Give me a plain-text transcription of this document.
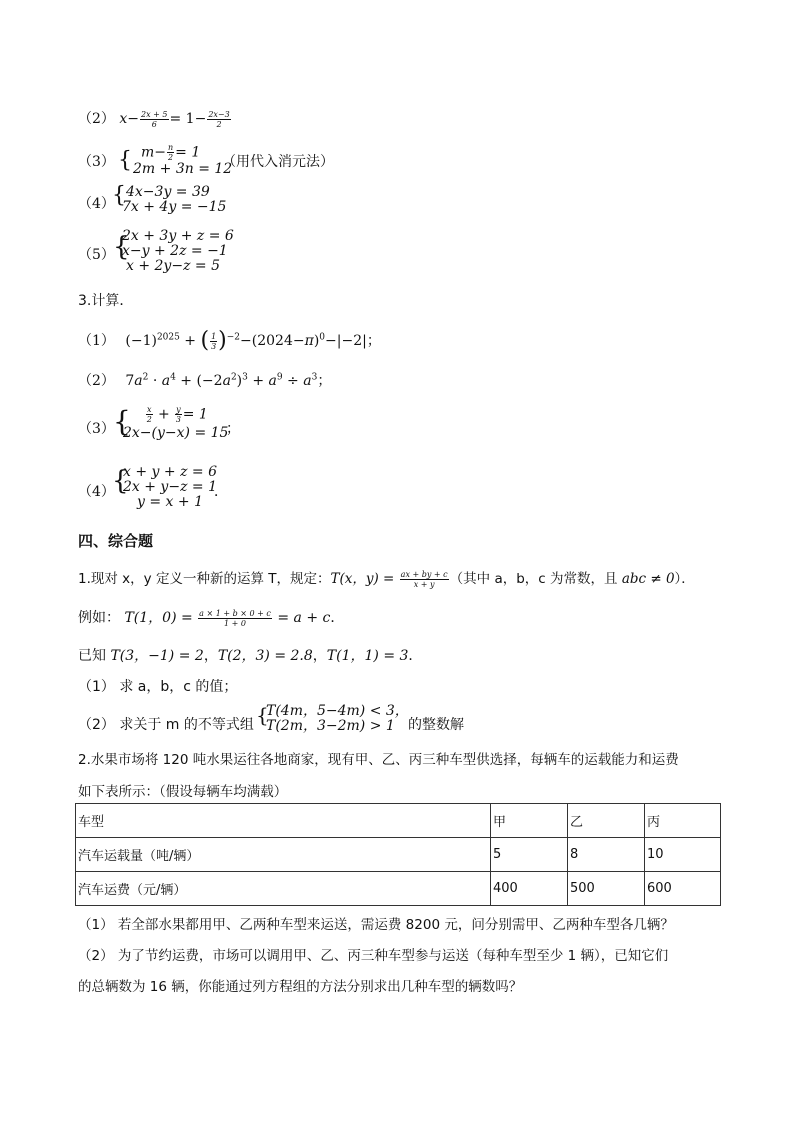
（2） $x- \frac{2x + 5}{6} = 1- \frac{2x-3}{2}$
（3） { $m- \frac{n}{2} = 1$
2m + 3n = 12
（用代入消元法）
（4）
{ 4x−3y = 39
7x + 4y = −15
（5）
{
2x + 3y + z = 6
x−y + 2z = −1
x + 2y−z = 5
3.计算．
（1） $(-1)^{2025}$ + ( $\frac{1}{3} )^{-2}-(2024-\pi)^0-|-2|$；
（2） $7a^2 \cdot a^4 + (-2a^2)^3 + a^9 \div a^3$；
（3）
{ $\frac{x}{2} + \frac{y}{3} = 1$
2x−(y−x) = 15
；
（4）
{
x + y + z = 6
2x + y−z = 1
y = x + 1
．
四、综合题
1.现对 x，y 定义一种新的运算 T，规定：T(x，$y) = \frac{ax + by + c}{x + y}$ （其中 a，b，c 为常数，且 abc ≠ 0）．
例如： T(1，$0) = \frac{a \times 1 + b \times 0 + c}{1 + 0} = a + c$．
已知 T(3，−1) = 2，T(2，3) = 2.8，T(1，1) = 3．
（1） 求 a，b，c 的值；
（2） 求关于 m 的不等式组 {
T(4m，5−4m) < 3，
T(2m，3−2m) > 1 的整数解
2.水果市场将 120 吨水果运往各地商家，现有甲、乙、丙三种车型供选择，每辆车的运载能力和运费
如下表所示：（假设每辆车均满载）
车型	甲	乙	丙
汽车运载量（吨/辆）	5	8	10
汽车运费（元/辆）	400	500	600
（1） 若全部水果都用甲、乙两种车型来运送，需运费 8200 元，问分别需甲、乙两种车型各几辆？
（2） 为了节约运费，市场可以调用甲、乙、丙三种车型参与运送（每种车型至少 1 辆），已知它们
的总辆数为 16 辆，你能通过列方程组的方法分别求出几种车型的辆数吗？
